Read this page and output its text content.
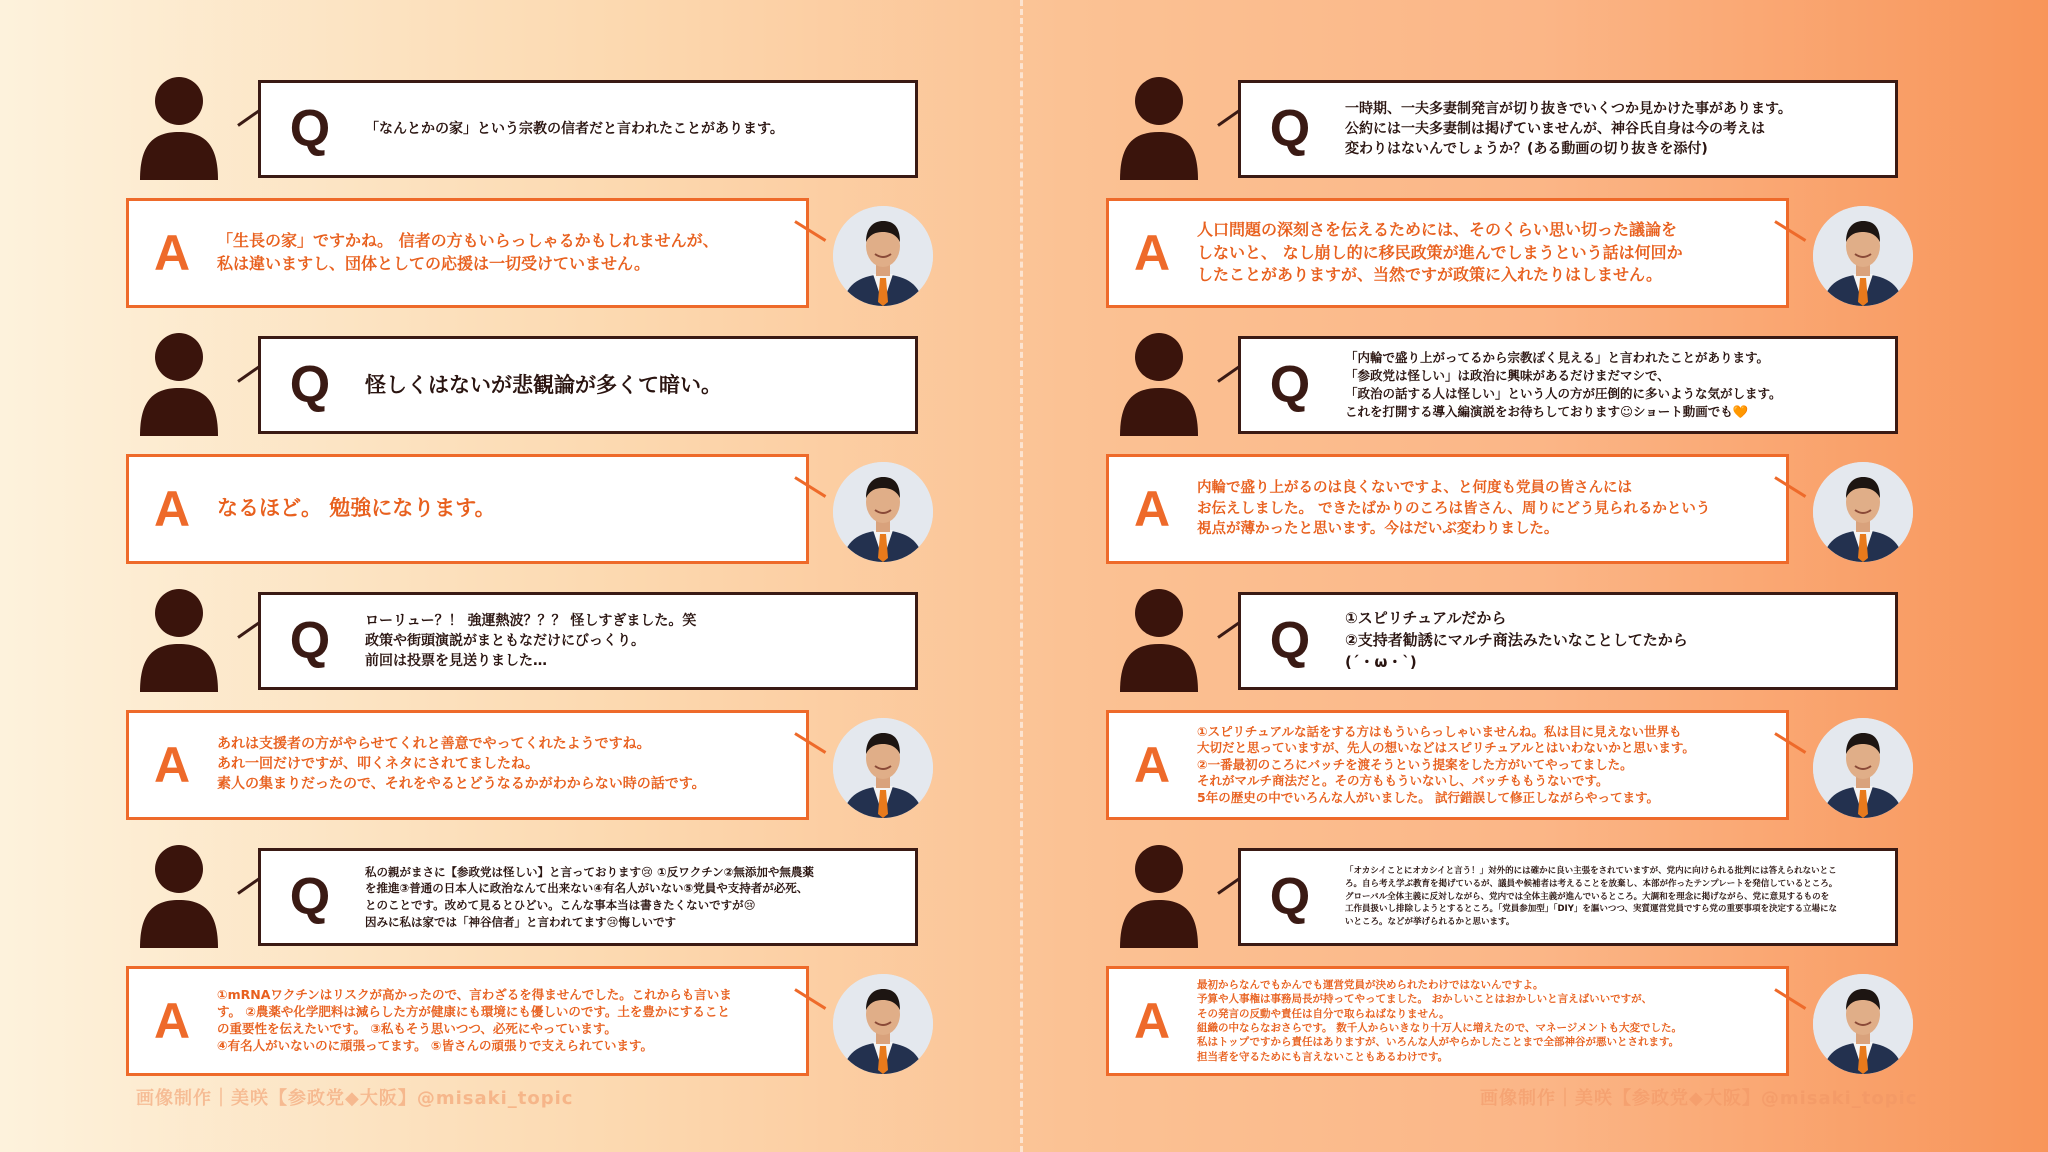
Q	「なんとかの家」という宗教の信者だと言われたことがあります。
A	「生長の家」ですかね。 信者の方もいらっしゃるかもしれませんが、
私は違いますし、団体としての応援は一切受けていません。
Q	怪しくはないが悲観論が多くて暗い。
A	なるほど。 勉強になります。
Q	ローリュー？！ 強運熱波？？？ 怪しすぎました。笑
政策や街頭演説がまともなだけにびっくり。
前回は投票を見送りました…
A	あれは支援者の方がやらせてくれと善意でやってくれたようですね。
あれ一回だけですが、叩くネタにされてましたね。
素人の集まりだったので、それをやるとどうなるかがわからない時の話です。
Q	私の親がまさに【参政党は怪しい】と言っております😢 ①反ワクチン②無添加や無農薬
を推進③普通の日本人に政治なんて出来ない④有名人がいない⑤党員や支持者が必死、
とのことです。改めて見るとひどい。こんな事本当は書きたくないですが😢
因みに私は家では「神谷信者」と言われてます😢悔しいです
A	①mRNAワクチンはリスクが高かったので、言わざるを得ませんでした。これからも言いま
す。 ②農薬や化学肥料は減らした方が健康にも環境にも優しいのです。土を豊かにすること
の重要性を伝えたいです。 ③私もそう思いつつ、必死にやっています。
④有名人がいないのに頑張ってます。 ⑤皆さんの頑張りで支えられています。
画像制作｜美咲【参政党◆大阪】@misaki_topic
Q	一時期、一夫多妻制発言が切り抜きでいくつか見かけた事があります。
公約には一夫多妻制は掲げていませんが、神谷氏自身は今の考えは
変わりはないんでしょうか？(ある動画の切り抜きを添付)
A	人口問題の深刻さを伝えるためには、そのくらい思い切った議論を
しないと、 なし崩し的に移民政策が進んでしまうという話は何回か
したことがありますが、当然ですが政策に入れたりはしません。
Q	「内輪で盛り上がってるから宗教ぽく見える」と言われたことがあります。
「参政党は怪しい」は政治に興味があるだけまだマシで、
「政治の話する人は怪しい」という人の方が圧倒的に多いような気がします。
これを打開する導入編演説をお待ちしております☺ショート動画でも🧡
A	内輪で盛り上がるのは良くないですよ、と何度も党員の皆さんには
お伝えしました。 できたばかりのころは皆さん、周りにどう見られるかという
視点が薄かったと思います。今はだいぶ変わりました。
Q	①スピリチュアルだから
②支持者勧誘にマルチ商法みたいなことしてたから
(´・ω・`)
A
①スピリチュアルな話をする方はもういらっしゃいませんね。私は目に見えない世界も
大切だと思っていますが、先人の想いなどはスピリチュアルとはいわないかと思います。
②一番最初のころにバッチを渡そうという提案をした方がいてやってました。
それがマルチ商法だと。その方ももういないし、バッチももうないです。
5年の歴史の中でいろんな人がいました。 試行錯誤して修正しながらやってます。
Q	「オカシイことにオカシイと言う！」対外的には確かに良い主張をされていますが、党内に向けられる批判には答えられないとこ
ろ。自ら考え学ぶ教育を掲げているが、議員や候補者は考えることを放棄し、本部が作ったテンプレートを発信しているところ。
グローバル全体主義に反対しながら、党内では全体主義が進んでいるところ。大調和を理念に掲げながら、党に意見するものを
工作員扱いし排除しようとするところ。「党員参加型」「DIY」を謳いつつ、実質運営党員ですら党の重要事項を決定する立場にな
いところ。などが挙げられるかと思います。
A
最初からなんでもかんでも運営党員が決められたわけではないんですよ。
予算や人事権は事務局長が持ってやってました。 おかしいことはおかしいと言えばいいですが、
その発言の反動や責任は自分で取らねばなりません。
組織の中ならなおさらです。 数千人からいきなり十万人に増えたので、マネージメントも大変でした。
私はトップですから責任はありますが、いろんな人がやらかしたことまで全部神谷が悪いとされます。
担当者を守るためにも言えないこともあるわけです。
画像制作｜美咲【参政党◆大阪】@misaki_topic
